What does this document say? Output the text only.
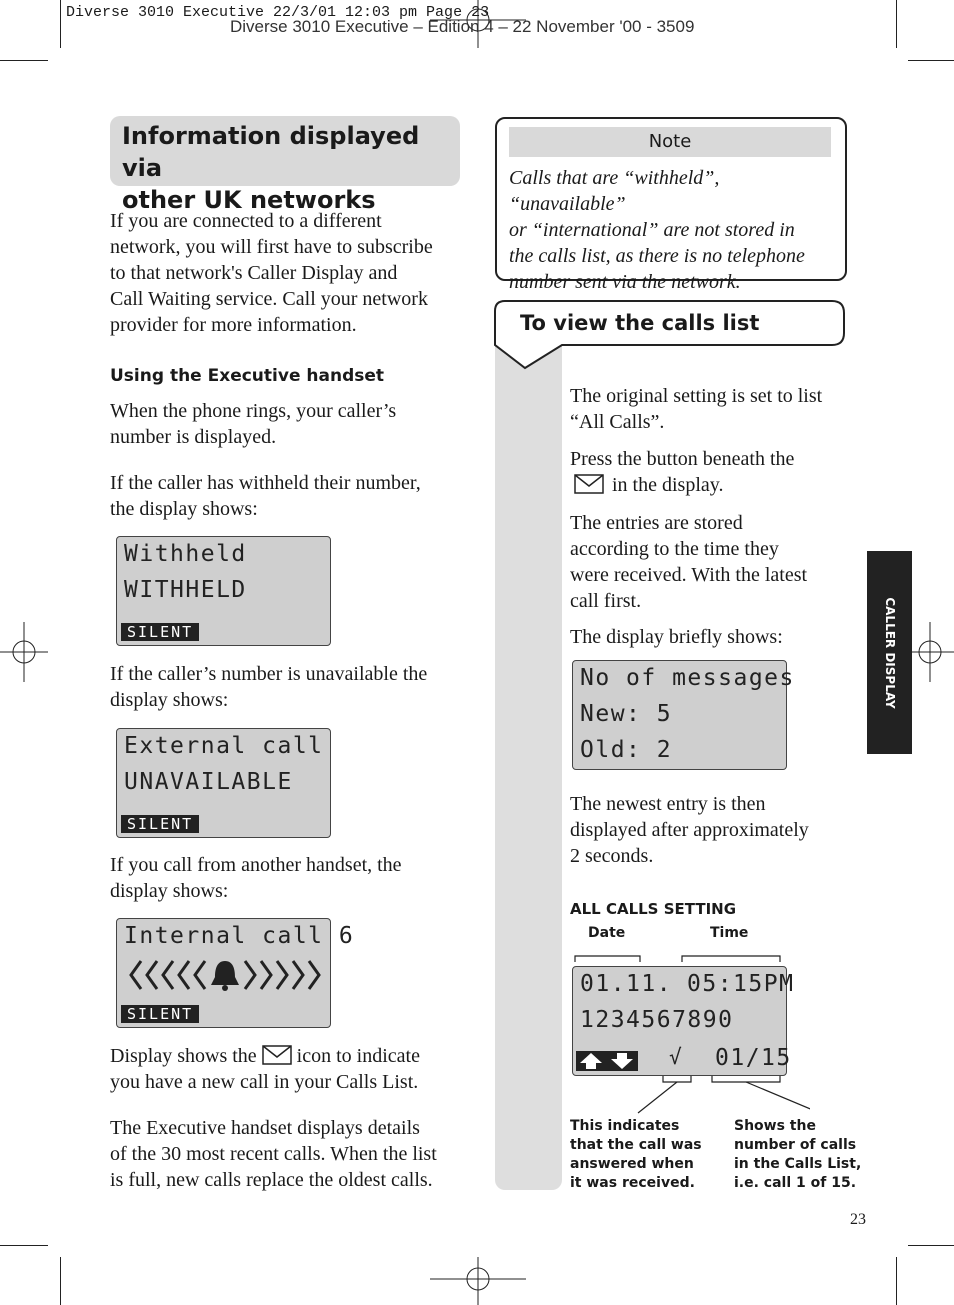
Diverse 3010 Executive – Edition 4 – 22 November '00 - 3509
Diverse 3010 Executive 22/3/01 12:03 pm Page 23
Information displayed via
other UK networks
If you are connected to a different
network, you will first have to subscribe
to that network's Caller Display and
Call Waiting service. Call your network
provider for more information.
Using the Executive handset
When the phone rings, your caller’s
number is displayed.
If the caller has withheld their number,
the display shows:
Withheld
WITHHELD
SILENT
If the caller’s number is unavailable the
display shows:
External call
UNAVAILABLE
SILENT
If you call from another handset, the
display shows:
Internal call 6
SILENT
Display shows the icon to indicate
you have a new call in your Calls List.
The Executive handset displays details
of the 30 most recent calls. When the list
is full, new calls replace the oldest calls.
Note
Calls that are “withheld”, “unavailable”
or “international” are not stored in
the calls list, as there is no telephone
number sent via the network.
To view the calls list
The original setting is set to list
“All Calls”.
Press the button beneath the
in the display.
The entries are stored
according to the time they
were received. With the latest
call first.
The display briefly shows:
No of messages
New: 5
Old: 2
The newest entry is then
displayed after approximately
2 seconds.
ALL CALLS SETTING
Date	Time
01.11. 05:15PM
1234567890
√ 01/15
This indicates
that the call was
answered when
it was received.
Shows the
number of calls
in the Calls List,
i.e. call 1 of 15.
CALLER DISPLAY
23
